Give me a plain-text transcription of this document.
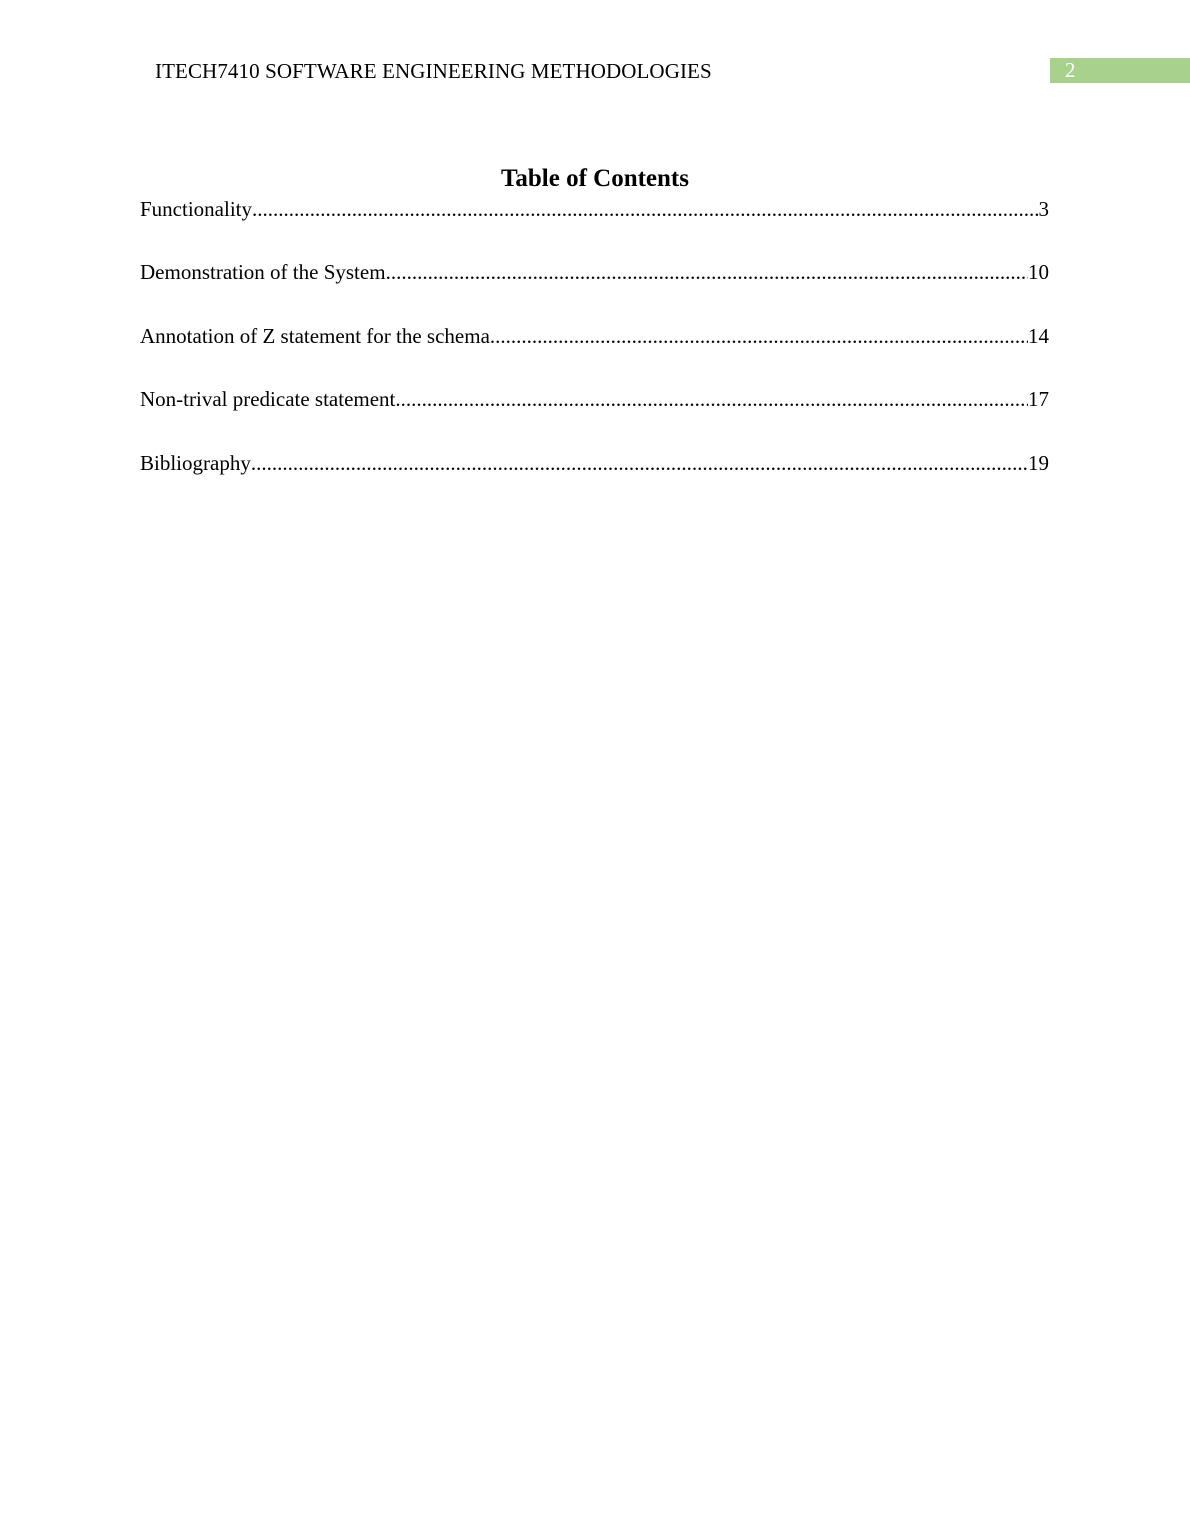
ITECH7410 SOFTWARE ENGINEERING METHODOLOGIES	2
Table of Contents
Functionality .....	3
Demonstration of the System .....	10
Annotation of Z statement for the schema .....	14
Non-trival predicate statement .....	17
Bibliography .....	19
